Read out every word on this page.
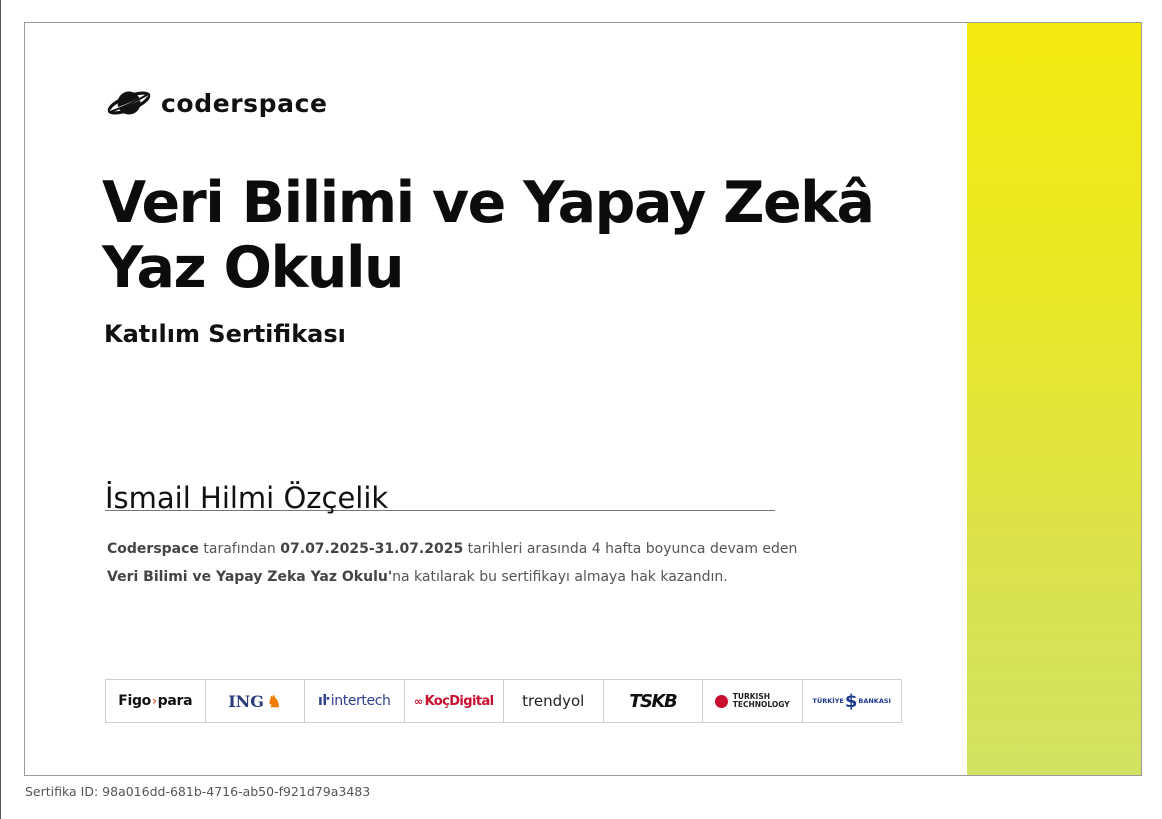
coderspace
Veri Bilimi ve Yapay Zekâ Yaz Okulu
Katılım Sertifikası
İsmail Hilmi Özçelik

Coderspace tarafından 07.07.2025-31.07.2025 tarihleri arasında 4 hafta boyunca devam eden Veri Bilimi ve Yapay Zeka Yaz Okulu'na katılarak bu sertifikayı almaya hak kazandın.

Figo › para ING ♞	ıŀ intertech ∞ KoçDigital trendyol TSKB	TURKISH
TECHNOLOGY	TÜRKİYE $ BANKASI
Sertifika ID: 98a016dd-681b-4716-ab50-f921d79a3483
